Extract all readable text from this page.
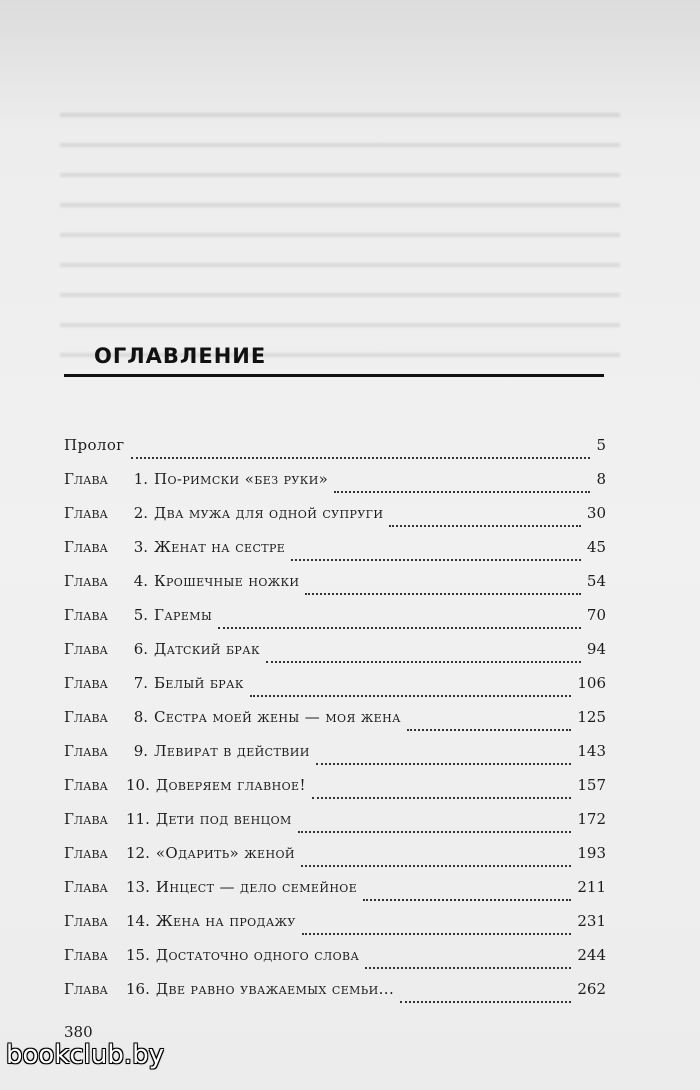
ОГЛАВЛЕНИЕ
Пролог	5
Глава	1. По-римски «без руки»	8
Глава	2. Два мужа для одной супруги	30
Глава	3. Женат на сестре	45
Глава	4. Крошечные ножки	54
Глава	5. Гаремы	70
Глава	6. Датский брак	94
Глава	7. Белый брак	106
Глава	8. Сестра моей жены — моя жена	125
Глава	9. Левират в действии	143
Глава	10. Доверяем главное!	157
Глава	11. Дети под венцом	172
Глава	12. «Одарить» женой	193
Глава	13. Инцест — дело семейное	211
Глава	14. Жена на продажу	231
Глава	15. Достаточно одного слова	244
Глава	16. Две равно уважаемых семьи...	262
380
bookclub.by
